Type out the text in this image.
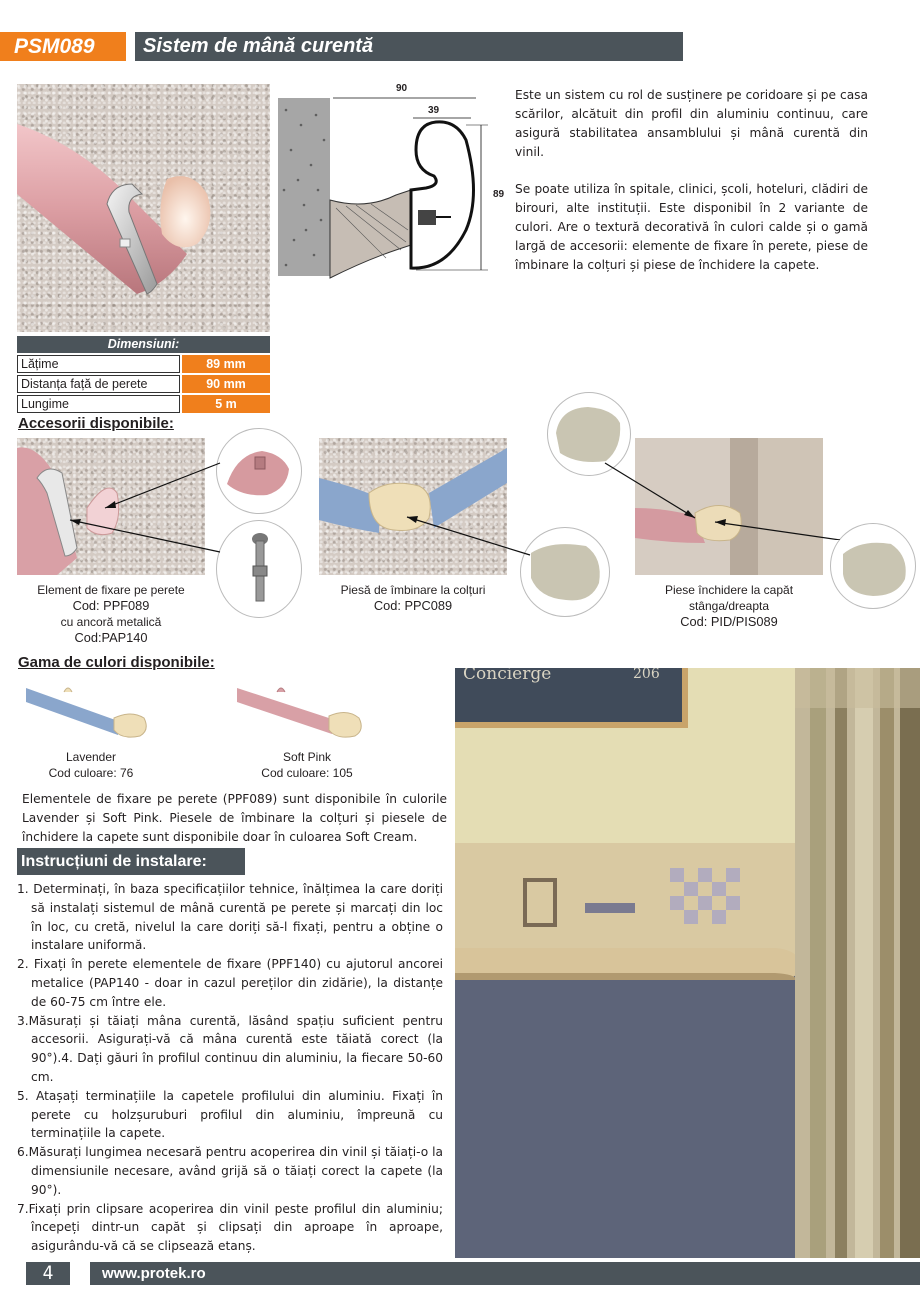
PSM089	Sistem de mână curentă
90
39
89
Este un sistem cu rol de susținere pe coridoare și pe casa scărilor, alcătuit din profil din aluminiu continuu, care asigură stabilitatea ansamblului și mână curentă din vinil.
Se poate utiliza în spitale, clinici, școli, hoteluri, clădiri de birouri, alte instituții. Este disponibil în 2 variante de culori. Are o textură decorativă în culori calde și o gamă largă de accesorii: elemente de fixare în perete, piese de îmbinare la colțuri și piese de închidere la capete.
Dimensiuni:
Lățime	89 mm
Distanța față de perete	90 mm
Lungime	5 m
Accesorii disponibile:
Element de fixare pe perete
Cod: PPF089
cu ancoră metalică
Cod:PAP140
Piesă de îmbinare la colțuri
Cod: PPC089
Piese închidere la capăt
stânga/dreapta
Cod: PID/PIS089
Gama de culori disponibile:
Lavender
Cod culoare: 76
Soft Pink
Cod culoare: 105
Elementele de fixare pe perete (PPF089) sunt disponibile în culorile Lavender și Soft Pink. Piesele de îmbinare la colțuri și piesele de închidere la capete sunt disponibile doar în culoarea Soft Cream.
Instrucțiuni de instalare:

1. Determinați, în baza specificațiilor tehnice, înălțimea la care doriți să instalați sistemul de mână curentă pe perete și marcați din loc în loc, cu cretă, nivelul la care doriți să-l fixați, pentru a obține o instalare uniformă.

2. Fixați în perete elementele de fixare (PPF140) cu ajutorul ancorei metalice (PAP140 - doar in cazul pereților din zidărie), la distanțe de 60-75 cm între ele.

3.Măsurați și tăiați mâna curentă, lăsând spațiu suficient pentru accesorii. Asigurați-vă că mâna curentă este tăiată corect (la 90°).4. Dați găuri în profilul continuu din aluminiu, la fiecare 50-60 cm.

5. Atașați terminațiile la capetele profilului din aluminiu. Fixați în perete cu holzșuruburi profilul din aluminiu, împreună cu terminațiile la capete.

6.Măsurați lungimea necesară pentru acoperirea din vinil și tăiați-o la dimensiunile necesare, având grijă să o tăiați corect la capete (la 90°).

7.Fixați prin clipsare acoperirea din vinil peste profilul din aluminiu; începeți dintr-un capăt și clipsați din aproape în aproape, asigurându-vă că se clipsează etanș.

Concierge	206
4	www.protek.ro
